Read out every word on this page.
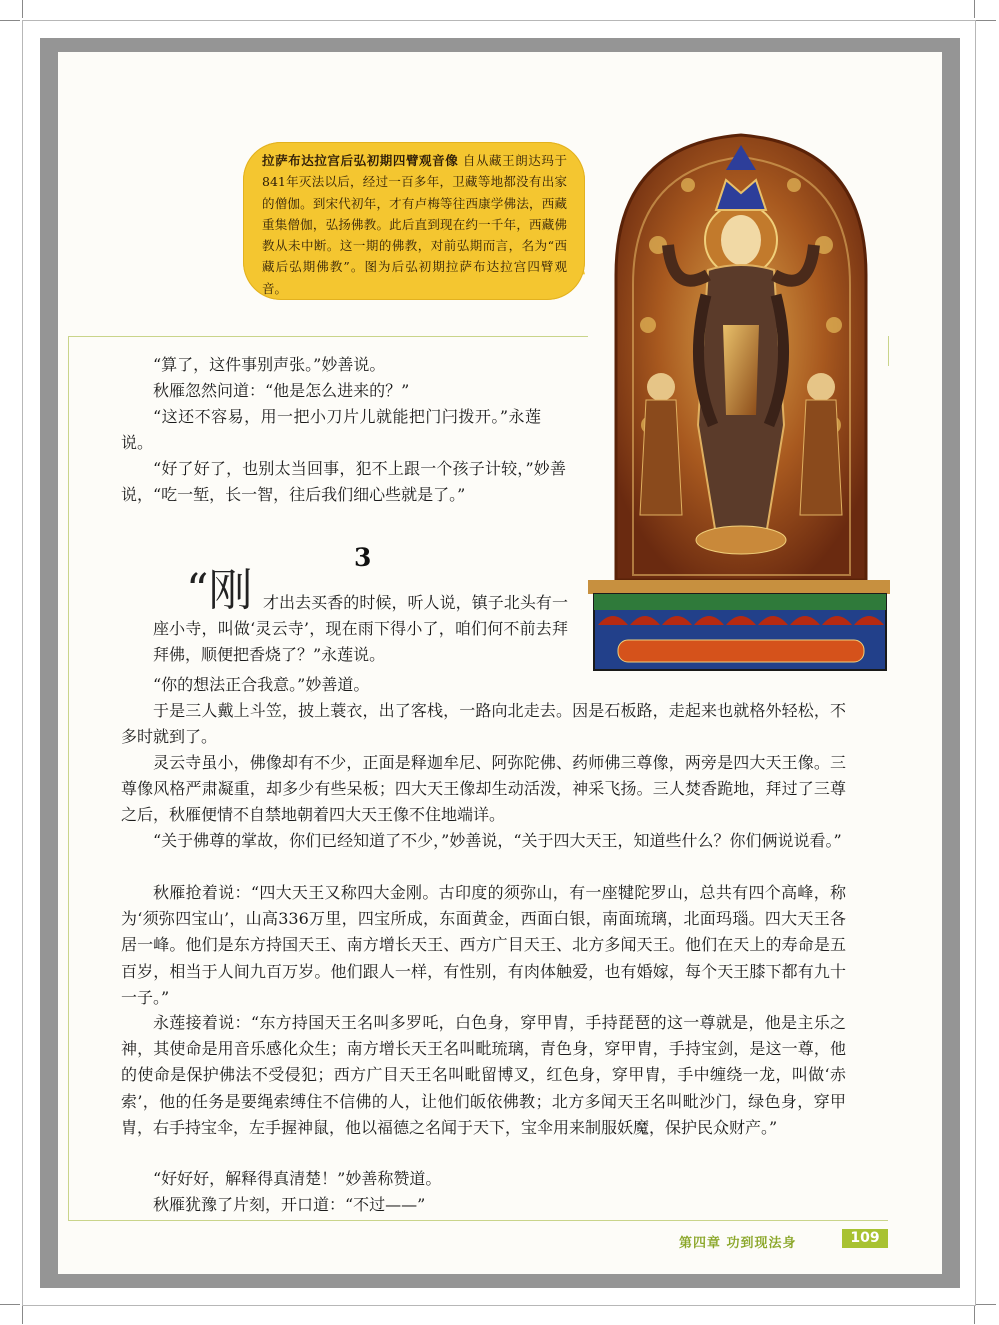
拉萨布达拉宫后弘初期四臂观音像 自从藏王朗达玛于841年灭法以后，经过一百多年，卫藏等地都没有出家的僧伽。到宋代初年，才有卢梅等往西康学佛法，西藏重集僧伽，弘扬佛教。此后直到现在约一千年，西藏佛教从未中断。这一期的佛教，对前弘期而言，名为“西藏后弘期佛教”。图为后弘初期拉萨布达拉宫四臂观音。

“算了，这件事别声张。”妙善说。

秋雁忽然问道：“他是怎么进来的？”

“这还不容易，用一把小刀片儿就能把门闩拨开。”永莲说。

“好了好了，也别太当回事，犯不上跟一个孩子计较，”妙善说，“吃一堑，长一智，往后我们细心些就是了。”

3
“刚 才出去买香的时候，听人说，镇子北头有一座小寺，叫做‘灵云寺’，现在雨下得小了，咱们何不前去拜拜佛，顺便把香烧了？”永莲说。

“你的想法正合我意。”妙善道。

于是三人戴上斗笠，披上蓑衣，出了客栈，一路向北走去。因是石板路，走起来也就格外轻松，不多时就到了。

灵云寺虽小，佛像却有不少，正面是释迦牟尼、阿弥陀佛、药师佛三尊像，两旁是四大天王像。三尊像风格严肃凝重，却多少有些呆板；四大天王像却生动活泼，神采飞扬。三人焚香跪地，拜过了三尊之后，秋雁便情不自禁地朝着四大天王像不住地端详。

“关于佛尊的掌故，你们已经知道了不少，”妙善说，“关于四大天王，知道些什么？你们俩说说看。”

秋雁抢着说：“四大天王又称四大金刚。古印度的须弥山，有一座犍陀罗山，总共有四个高峰，称为‘须弥四宝山’，山高336万里，四宝所成，东面黄金，西面白银，南面琉璃，北面玛瑙。四大天王各居一峰。他们是东方持国天王、南方增长天王、西方广目天王、北方多闻天王。他们在天上的寿命是五百岁，相当于人间九百万岁。他们跟人一样，有性别，有肉体触爱，也有婚嫁，每个天王膝下都有九十一子。”

永莲接着说：“东方持国天王名叫多罗吒，白色身，穿甲胄，手持琵琶的这一尊就是，他是主乐之神，其使命是用音乐感化众生；南方增长天王名叫毗琉璃，青色身，穿甲胄，手持宝剑，是这一尊，他的使命是保护佛法不受侵犯；西方广目天王名叫毗留博叉，红色身，穿甲胄，手中缠绕一龙，叫做‘赤索’，他的任务是要绳索缚住不信佛的人，让他们皈依佛教；北方多闻天王名叫毗沙门，绿色身，穿甲胄，右手持宝伞，左手握神鼠，他以福德之名闻于天下，宝伞用来制服妖魔，保护民众财产。”

“好好好，解释得真清楚！”妙善称赞道。

秋雁犹豫了片刻，开口道：“不过——”

第四章 功到现法身	109
